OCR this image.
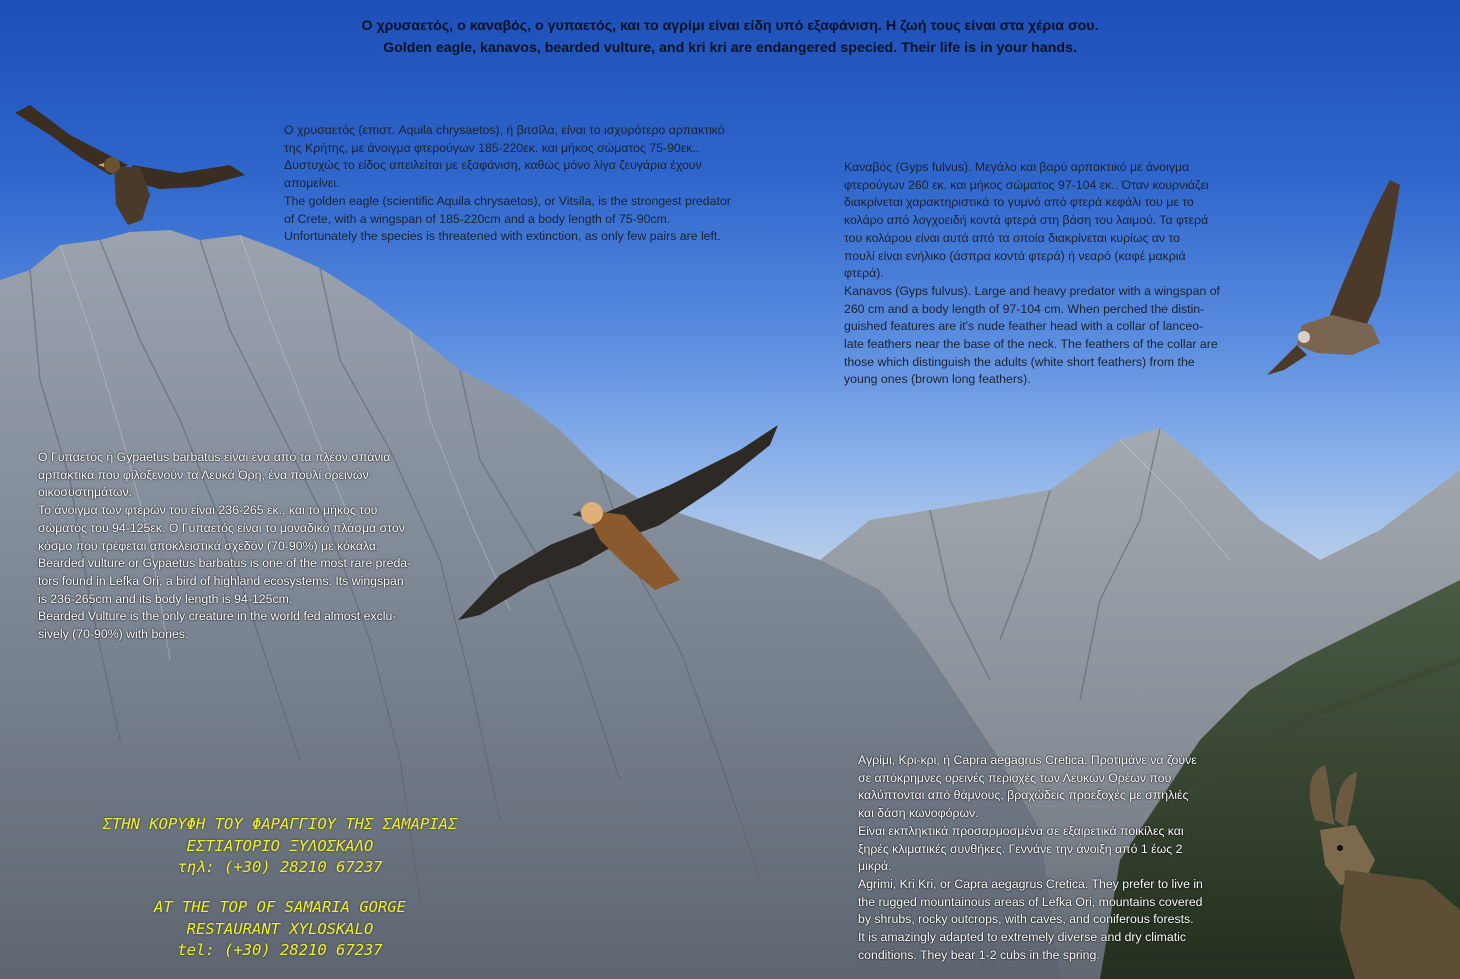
Ο χρυσαετός, ο καναβός, ο γυπαετός, και το αγρίμι είναι είδη υπό εξαφάνιση. Η ζωή τους είναι στα χέρια σου.

Golden eagle, kanavos, bearded vulture, and kri kri are endangered specied. Their life is in your hands.

Ο χρυσαετός (επιστ. Aquila chrysaetos), ή βιτσίλα, είναι το ισχυρότερο αρπακτικό

της Κρήτης, με άνοιγμα φτερούγων 185-220εκ. και μήκος σώματος 75-90εκ..

Δυστυχώς το είδος απειλείται με εξαφάνιση, καθώς μόνο λίγα ζευγάρια έχουν

απομείνει.

The golden eagle (scientific Aquila chrysaetos), or Vitsila, is the strongest predator

of Crete, with a wingspan of 185-220cm and a body length of 75-90cm.

Unfortunately the species is threatened with extinction, as only few pairs are left.

Καναβός (Gyps fulvus). Μεγάλο και βαρύ αρπακτικό με άνοιγμα

φτερούγων 260 εκ. και μήκος σώματος 97-104 εκ.. Όταν κουρνιάζει

διακρίνεται χαρακτηριστικά το γυμνό από φτερά κεφάλι του με το

κολάρο από λογχοειδή κοντά φτερά στη βάση του λαιμού. Τα φτερά

του κολάρου είναι αυτά από τα οποία διακρίνεται κυρίως αν το

πουλί είναι ενήλικο (άσπρα κοντά φτερά) ή νεαρό (καφέ μακριά

φτερά).

Kanavos (Gyps fulvus). Large and heavy predator with a wingspan of

260 cm and a body length of 97-104 cm. When perched the distin-

guished features are it's nude feather head with a collar of lanceo-

late feathers near the base of the neck. The feathers of the collar are

those which distinguish the adults (white short feathers) from the

young ones (brown long feathers).

Ο Γυπαετός ή Gypaetus barbatus είναι ένα από τα πλέον σπάνια

αρπακτικά που φιλοξενούν τα Λευκά Όρη, ένα πουλί ορεινών

οικοσυστημάτων.

Το άνοιγμα των φτερών του είναι 236-265 εκ., και το μήκος του

σώματός του 94-125εκ. Ο Γυπαετός είναι το μοναδικό πλάσμα στον

κόσμο που τρέφεται αποκλειστικά σχεδόν (70-90%) με κόκαλα.

Bearded vulture or Gypaetus barbatus is one of the most rare preda-

tors found in Lefka Ori, a bird of highland ecosystems. Its wingspan

is 236-265cm and its body length is 94-125cm.

Bearded Vulture is the only creature in the world fed almost exclu-

sively (70-90%) with bones.

Αγρίμι, Κρι-κρι, ή Capra aegagrus Cretica. Προτιμάνε να ζούνε

σε απόκρημνες ορεινές περιοχές των Λευκών Ορέων που

καλύπτονται από θάμνους, βραχώδεις προεξοχές με σπηλιές

και δάση κωνοφόρων.

Είναι εκπληκτικά προσαρμοσμένα σε εξαιρετικά ποικίλες και

ξηρές κλιματικές συνθήκες. Γεννάνε την άνοιξη από 1 έως 2

μικρά.

Agrimi, Kri Kri, or Capra aegagrus Cretica. They prefer to live in

the rugged mountainous areas of Lefka Ori, mountains covered

by shrubs, rocky outcrops, with caves, and coniferous forests.

It is amazingly adapted to extremely diverse and dry climatic

conditions. They bear 1-2 cubs in the spring.

ΣΤΗΝ ΚΟΡΥΦΗ ΤΟΥ ΦΑΡΑΓΓΙΟΥ ΤΗΣ ΣΑΜΑΡΙΑΣ

ΕΣΤΙΑΤΟΡΙΟ ΞΥΛΟΣΚΑΛΟ

τηλ: (+30) 28210 67237

AT THE TOP OF SAMARIA GORGE

RESTAURANT XYLOSKALO

tel: (+30) 28210 67237
